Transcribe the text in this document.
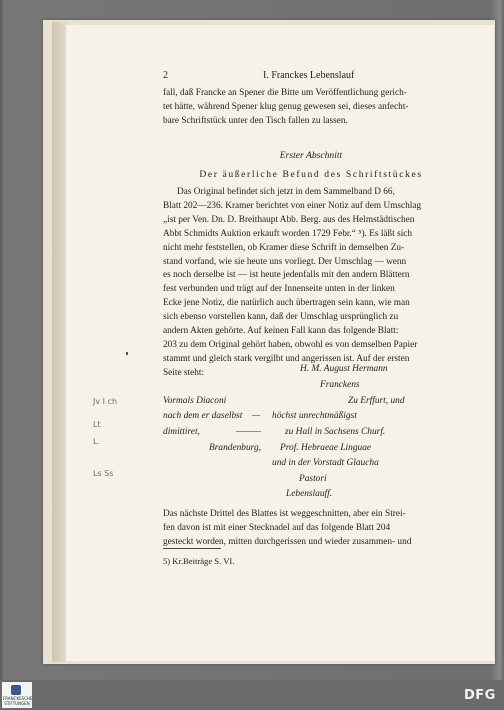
2	I. Franckes Lebenslauf
fall, daß Francke an Spener die Bitte um Veröffentlichung gerich-
tet hätte, während Spener klug genug gewesen sei, dieses anfecht-
bare Schriftstück unter den Tisch fallen zu lassen.
Erster Abschnitt
Der äußerliche Befund des Schriftstückes
Das Original befindet sich jetzt in dem Sammelband D 66,
Blatt 202—236. Kramer berichtet von einer Notiz auf dem Umschlag
„ist per Ven. Dn. D. Breithaupt Abb. Berg. aus des Helmstädtischen
Abbt Schmidts Auktion erkauft worden 1729 Febr.“ ⁵). Es läßt sich
nicht mehr feststellen, ob Kramer diese Schrift in demselben Zu-
stand vorfand, wie sie heute uns vorliegt. Der Umschlag — wenn
es noch derselbe ist — ist heute jedenfalls mit den andern Blättern
fest verbunden und trägt auf der Innenseite unten in der linken
Ecke jene Notiz, die natürlich auch übertragen sein kann, wie man
sich ebenso vorstellen kann, daß der Umschlag ursprünglich zu
andern Akten gehörte. Auf keinen Fall kann das folgende Blatt:
203 zu dem Original gehört haben, obwohl es von demselben Papier
stammt und gleich stark vergilbt und angerissen ist. Auf der ersten
Seite steht:	H. M. August Hermann
Franckens
Vormals Diaconi	Zu Erffurt, und
nach dem er daselbst — höchst unrechtmäßigst
dimittiret,	———	zu Hall in Sachsens Churf.
Brandenburg, Prof. Hebraeae Linguae
und in der Vorstadt Glaucha
Pastori
Lebenslauff.
Jv I ch
Lt
L.
Ls Ss
Das nächste Drittel des Blattes ist weggeschnitten, aber ein Strei-
fen davon ist mit einer Stecknadel auf das folgende Blatt 204
gesteckt worden, mitten durchgerissen und wieder zusammen- und
5) Kr.Beiträge S. VI.
FRANCKESCHE STIFTUNGEN	DFG
